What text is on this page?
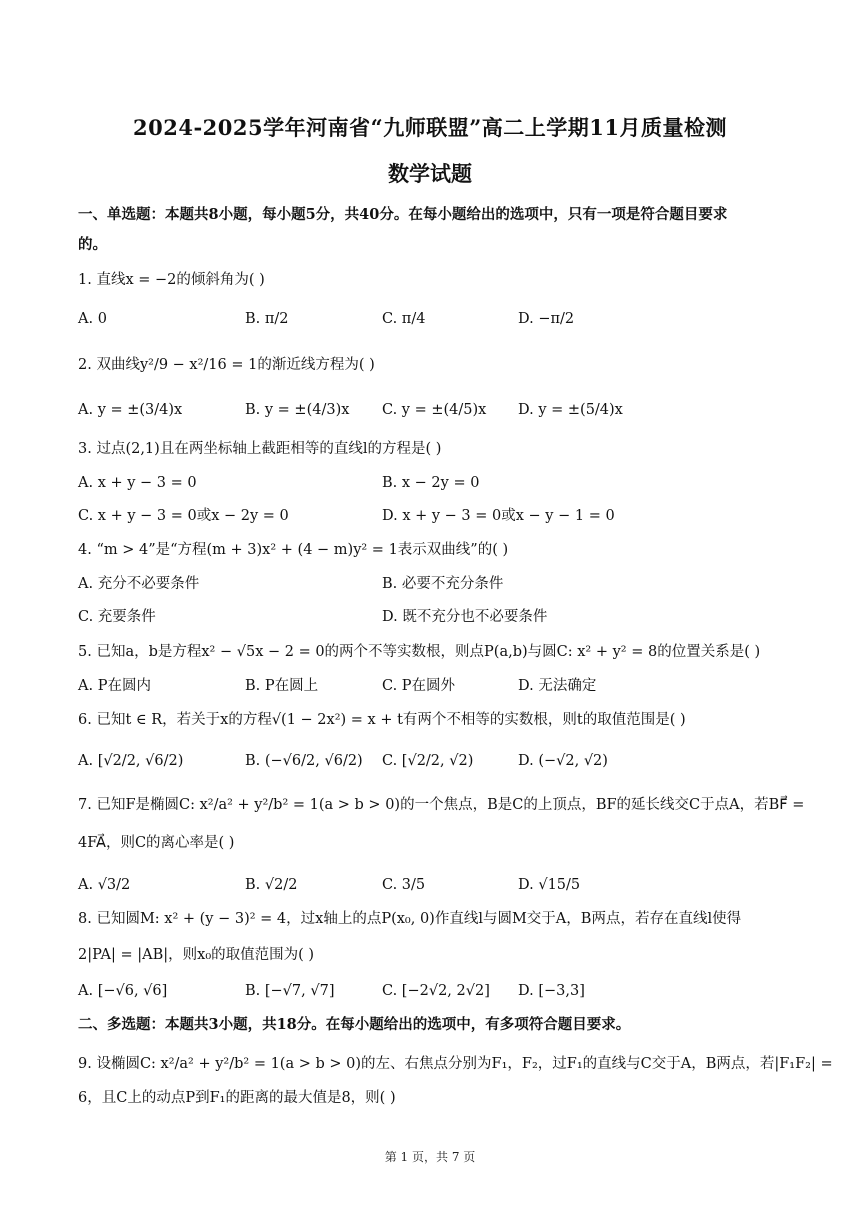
2024-2025学年河南省“九师联盟”高二上学期11月质量检测
数学试题
一、单选题：本题共8小题，每小题5分，共40分。在每小题给出的选项中，只有一项是符合题目要求
的。
1. 直线x = −2的倾斜角为( )
A. 0	B. π/2	C. π/4	D. −π/2
2. 双曲线y²/9 − x²/16 = 1的渐近线方程为( )
A. y = ±(3/4)x	B. y = ±(4/3)x C. y = ±(4/5)x D. y = ±(5/4)x
3. 过点(2,1)且在两坐标轴上截距相等的直线l的方程是( )
A. x + y − 3 = 0	B. x − 2y = 0
C. x + y − 3 = 0或x − 2y = 0	D. x + y − 3 = 0或x − y − 1 = 0
4. “m > 4”是“方程(m + 3)x² + (4 − m)y² = 1表示双曲线”的( )
A. 充分不必要条件	B. 必要不充分条件
C. 充要条件	D. 既不充分也不必要条件
5. 已知a，b是方程x² − √5x − 2 = 0的两个不等实数根，则点P(a,b)与圆C: x² + y² = 8的位置关系是( )
A. P在圆内	B. P在圆上	C. P在圆外	D. 无法确定
6. 已知t ∈ R，若关于x的方程√(1 − 2x²) = x + t有两个不相等的实数根，则t的取值范围是( )
A. [√2/2, √6/2)	B. (−√6/2, √6/2) C. [√2/2, √2)	D. (−√2, √2)
7. 已知F是椭圆C: x²/a² + y²/b² = 1(a > b > 0)的一个焦点，B是C的上顶点，BF的延长线交C于点A，若BF⃗ =
4FA⃗，则C的离心率是( )
A. √3/2	B. √2/2	C. 3/5	D. √15/5
8. 已知圆M: x² + (y − 3)² = 4，过x轴上的点P(x₀, 0)作直线l与圆M交于A，B两点，若存在直线l使得
2|PA| = |AB|，则x₀的取值范围为( )
A. [−√6, √6]	B. [−√7, √7]	C. [−2√2, 2√2] D. [−3,3]
二、多选题：本题共3小题，共18分。在每小题给出的选项中，有多项符合题目要求。
9. 设椭圆C: x²/a² + y²/b² = 1(a > b > 0)的左、右焦点分别为F₁，F₂，过F₁的直线与C交于A，B两点，若|F₁F₂| =
6，且C上的动点P到F₁的距离的最大值是8，则( )
第 1 页，共 7 页
